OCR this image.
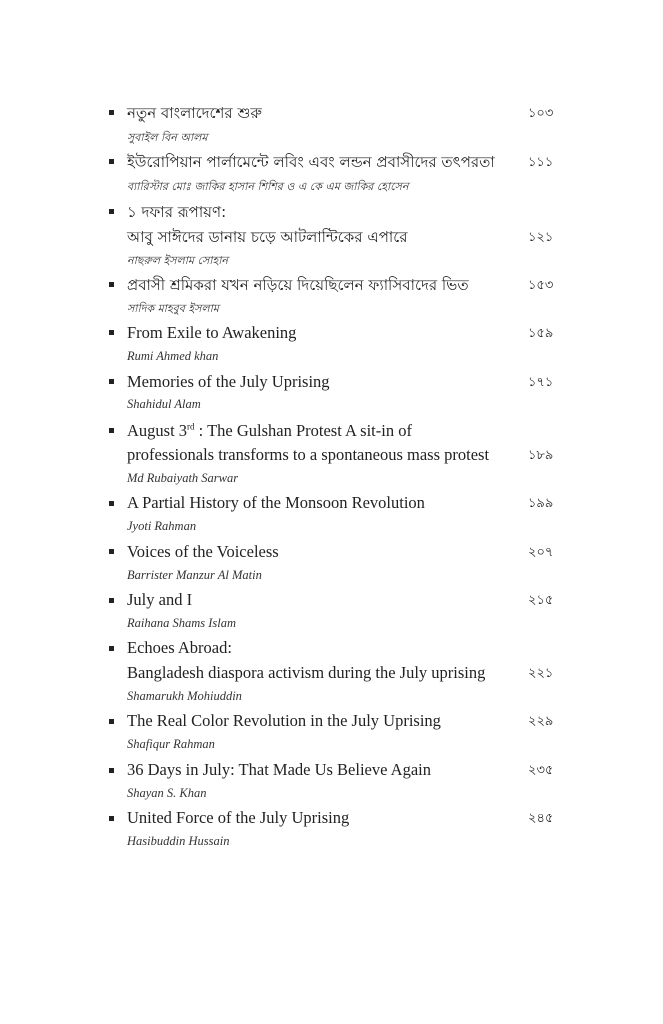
নতুন বাংলাদেশের শুরু	১০৩
সুবাইল বিন আলম
ইউরোপিয়ান পার্লামেন্টে লবিং এবং লন্ডন প্রবাসীদের তৎপরতা	১১১
ব্যারিস্টার মোঃ জাকির হাসান শিশির ও এ কে এম জাকির হোসেন
১ দফার রূপায়ণ:
আবু সাঈদের ডানায় চড়ে আটলান্টিকের এপারে	১২১
নাছরুল ইসলাম সোহান
প্রবাসী শ্রমিকরা যখন নড়িয়ে দিয়েছিলেন ফ্যাসিবাদের ভিত	১৫৩
সাদিক মাহবুব ইসলাম
From Exile to Awakening	১৫৯
Rumi Ahmed khan
Memories of the July Uprising	১৭১
Shahidul Alam
August 3rd : The Gulshan Protest A sit-in of
professionals transforms to a spontaneous mass protest	১৮৯
Md Rubaiyath Sarwar
A Partial History of the Monsoon Revolution	১৯৯
Jyoti Rahman
Voices of the Voiceless	২০৭
Barrister Manzur Al Matin
July and I	২১৫
Raihana Shams Islam
Echoes Abroad:
Bangladesh diaspora activism during the July uprising	২২১
Shamarukh Mohiuddin
The Real Color Revolution in the July Uprising	২২৯
Shafiqur Rahman
36 Days in July: That Made Us Believe Again	২৩৫
Shayan S. Khan
United Force of the July Uprising	২৪৫
Hasibuddin Hussain
